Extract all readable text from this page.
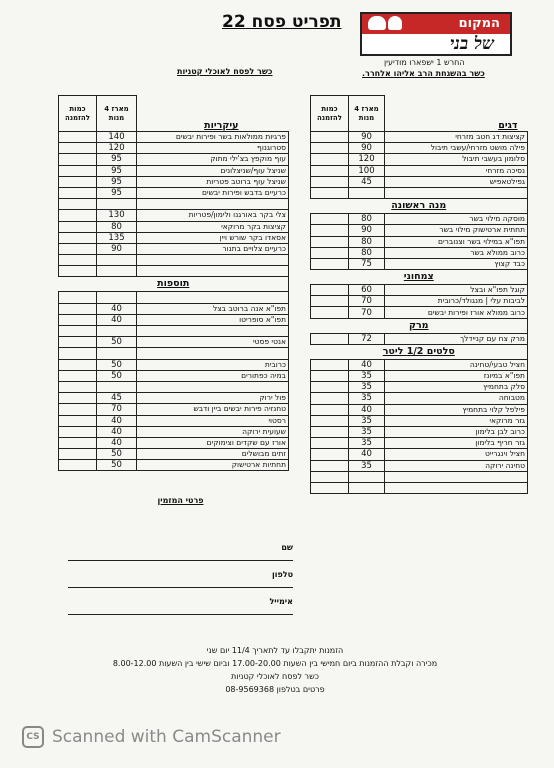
תפריט פסח 22	המקום
של בני
החרש 1 ישפארו מודיעין
כשר בהשגחת הרב אליהו אלחרר.
כשר לפסח לאוכלי קטניות
דגים	מארז 4 מנות	כמות להזמנה
קציצות דג חטב מזרחי	90	
פילה מושט מזרחי/עשבי תיבול	90	
סלומון בעשבי תיבול	120	
נסיכה מזרחי	100	
גפילטאפיש	45	

מנה ראשונה		
מוסקה מילוי בשר	80	
תחתית ארטישוק מילוי בשר	90	
תפו"א במילוי בשר וצנוברים	80	
כרוב ממולא בשר	80	
כבד קצוץ	75	
צמחוני		
קוגל תפו"א ובצל	60	
לביבות עלי | מנגולד/כרובית	70	
כרוב ממולא אורז ופירות יבשים	70	
מרק		
מרק צח עם קניידלך	72	
סלטים 1/2 ליטר		
חציל טבעי/טחינה	40	
תפו"א במיונז	35	
סלק בתחמיץ	35	
מטבוחה	35	
פילפל קלוי בתחמיץ	40	
גזר מרוקאי	35	
כרוב לבן בלימון	35	
גזר חריף בלימון	35	
חציל וינגרייט	40	
טחינה ירוקה	35	

עיקריות	מארז 4 מנות	כמות להזמנה
פרגיות ממולאות בשר ופירות יבשים	140	
סטרוגנוף	120	
עוף מוקפץ בצ'ילי מתוק	95	
שניצל עוף/שניצלונים	95	
שניצל עוף ברוטב פטריות	95	
כרעיים בדבש ופירות יבשים	95	

צלי בקר באורגנו ולימון/פטריות	130	
קציצות בקר מרוקאי	80	
אסאדו בקר שורש ויין	135	
כרעיים צלויים בתנור	90	

תוספות		

תפו"א אנה ברוטב בצל	40	
תפו"א סופריטו	40	

אנטי פסטי	50	

כרובית	50	
במיה כפתורים	50	

פול ירוק	45	
טחנזיה פירות יבשים ביין ודבש	70	
רסטוי	40	
שעועית ירוקה	40	
אורז עם שקדים וצימוקים	40	
זתים מבושלים	50	
תחתיות ארטישוק	50	
פרטי המזמין
שם
טלפון
אימייל
הזמנות יתקבלו עד לתאריך 11/4 יום שני
מכירה וקבלת ההזמנות ביום חמישי בין השעות 17.00-20.00 וביום שישי בין השעות 8.00-12.00
כשר לפסח לאוכלי קטניות
פרטים בטלפון 08-9569368
CS Scanned with CamScanner
